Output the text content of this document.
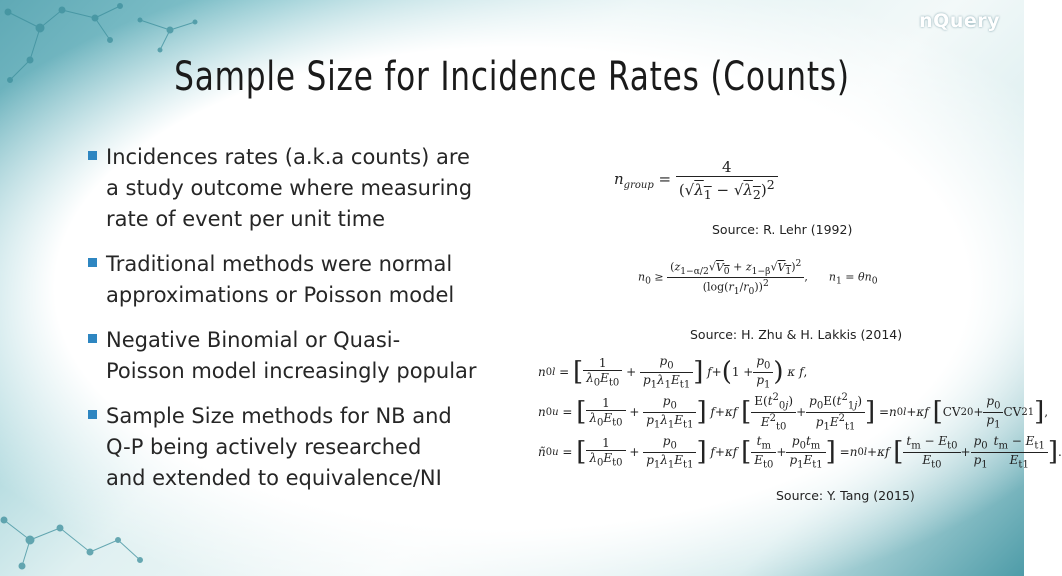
nQuery
Sample Size for Incidence Rates (Counts)
Incidences rates (a.k.a counts) are
a study outcome where measuring
rate of event per unit time
Traditional methods were normal
approximations or Poisson model
Negative Binomial or Quasi-
Poisson model increasingly popular
Sample Size methods for NB and
Q-P being actively researched
and extended to equivalence/NI
$n_{group} = \frac{4}{(√\lambda_1 - √\lambda_2)^2}$
Source: R. Lehr (1992)
$n_0 \ge \frac{(z_{1-\alpha/2}√V_0 + z_{1-\beta}√V_1)^2}{(\log(r_1/r_0))^2}$ ,      $n_1 = \theta n_0$
Source: H. Zhu & H. Lakkis (2014)
n 0l = [ $\frac{1}{\lambda_0E_{t0}} + \frac{p_0}{p_1\lambda_1E_{t1}}$ ]
f + ( $1 + \frac{p_0}{p_1}$ )
κ f ,
n 0u = [ $\frac{1}{\lambda_0E_{t0}} + \frac{p_0}{p_1\lambda_1E_{t1}}$ ]
f + κf
[ $\frac{E(t^2_{0j})}{E^2_{t0}} + \frac{p_0E(t^2_{1j})}{p_1E^2_{t1}}$ ] = n 0l + κf
[ CV 2 $0 + \frac{p_0}{p_1}$ CV 2 1 ] ,
ñ 0u = [ $\frac{1}{\lambda_0E_{t0}} + \frac{p_0}{p_1\lambda_1E_{t1}}$ ]
f + κf
[ $\frac{t_m}{E_{t0}} + \frac{p_0t_m}{p_1E_{t1}}$ ] = n 0l + κf
[ $\frac{t_m - E_{t0}}{E_{t0}} + \frac{p_0}{p_1} \frac{t_m - E_{t1}}{E_{t1}}$ ] .
Source: Y. Tang (2015)
